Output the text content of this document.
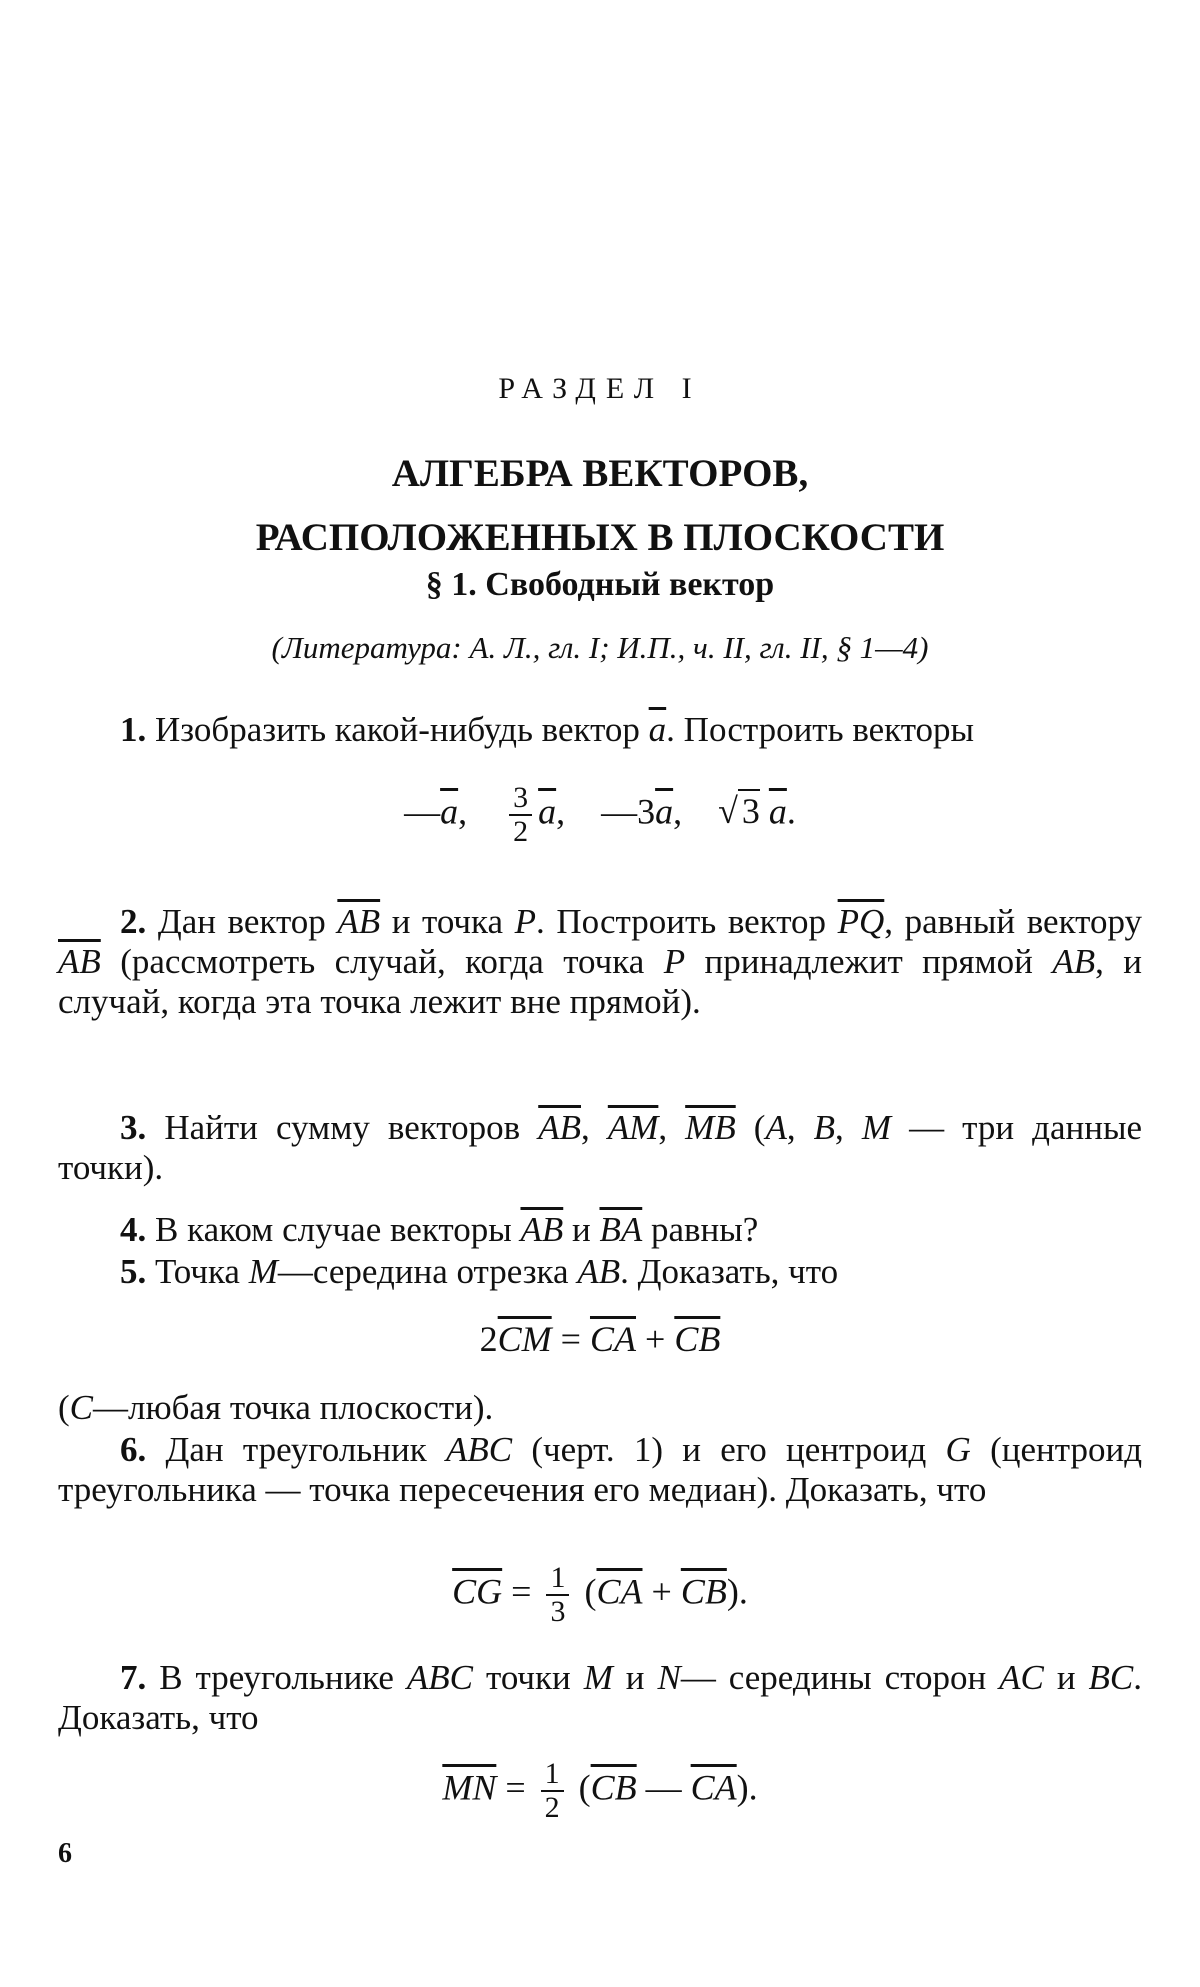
РАЗДЕЛ I
АЛГЕБРА ВЕКТОРОВ,
РАСПОЛОЖЕННЫХ В ПЛОСКОСТИ
§ 1. Свободный вектор
(Литература: А. Л., гл. I; И.П., ч. II, гл. II, § 1—4)
1. Изобразить какой-нибудь вектор $\overline{a}$. Построить векторы
$—\overline{a}$, $\frac{3}{2} \overline{a}$, $—3\overline{a}$, √ 3 $\overline{a}$.
2. Дан вектор $\overline{AB}$ и точка P. Построить вектор $\overline{PQ}$, равный вектору $\overline{AB}$ (рассмотреть случай, когда точка P принадлежит прямой AB, и случай, когда эта точка лежит вне прямой).
3. Найти сумму векторов $\overline{AB}$, $\overline{AM}$, $\overline{MB}$ (A, B, M — три данные точки).
4. В каком случае векторы $\overline{AB}$ и $\overline{BA}$ равны?
5. Точка M—середина отрезка AB. Доказать, что
$2\overline{CM} = \overline{CA} + \overline{CB}$
(C—любая точка плоскости).
6. Дан треугольник ABC (черт. 1) и его центроид G (центроид треугольника — точка пересечения его медиан). Доказать, что
$\overline{CG} = \frac{1}{3} (\overline{CA} + \overline{CB})$.
7. В треугольнике ABC точки M и N— середины сторон AC и BC. Доказать, что
$\overline{MN} = \frac{1}{2} (\overline{CB}$ — $\overline{CA}$).
6
